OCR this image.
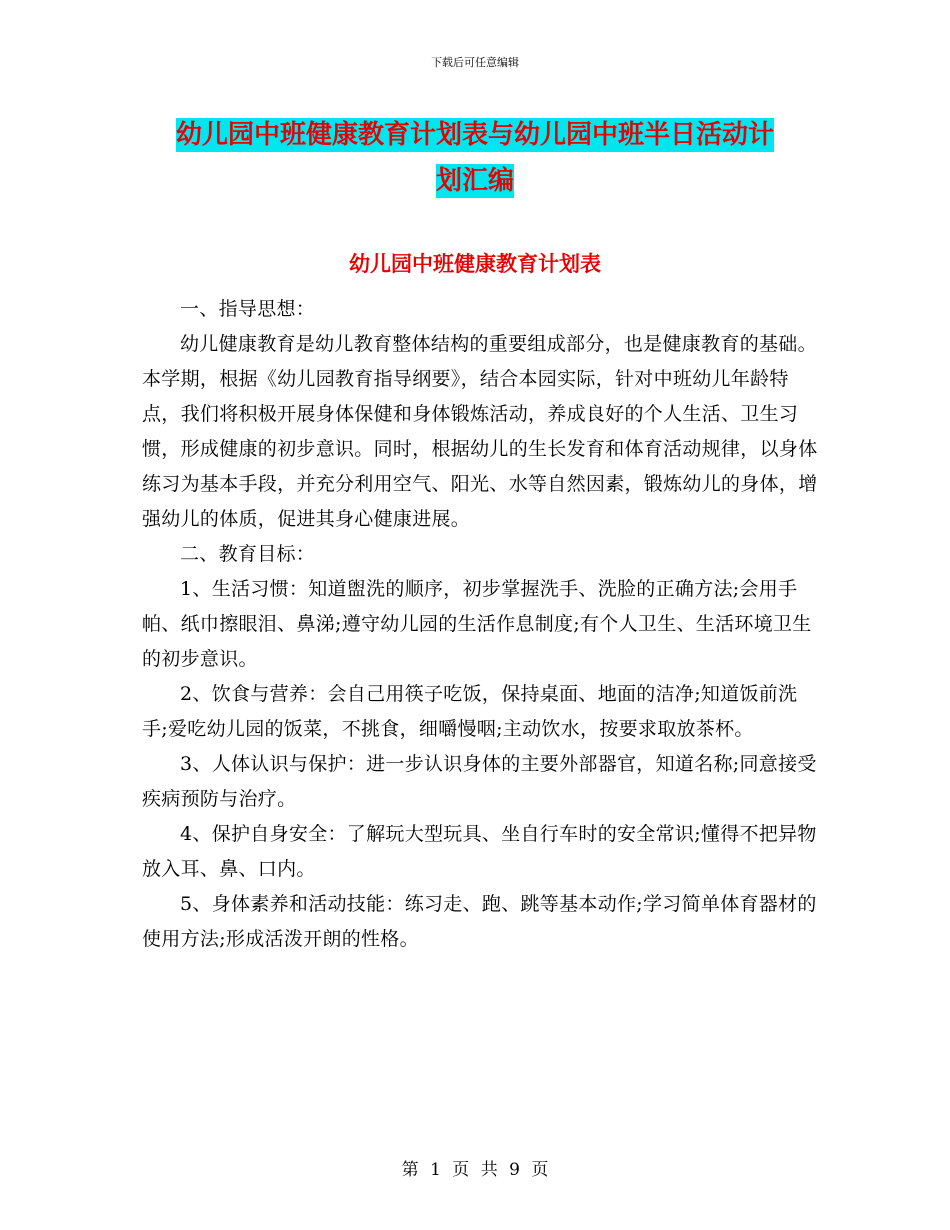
下载后可任意编辑
幼儿园中班健康教育计划表与幼儿园中班半日活动计
划汇编
幼儿园中班健康教育计划表

一、指导思想：

幼儿健康教育是幼儿教育整体结构的重要组成部分，也是健康教育的基础。本学期，根据《幼儿园教育指导纲要》，结合本园实际，针对中班幼儿年龄特点，我们将积极开展身体保健和身体锻炼活动，养成良好的个人生活、卫生习惯，形成健康的初步意识。同时，根据幼儿的生长发育和体育活动规律，以身体练习为基本手段，并充分利用空气、阳光、水等自然因素，锻炼幼儿的身体，增强幼儿的体质，促进其身心健康进展。

二、教育目标：

1、生活习惯：知道盥洗的顺序，初步掌握洗手、洗脸的正确方法;会用手帕、纸巾擦眼泪、鼻涕;遵守幼儿园的生活作息制度;有个人卫生、生活环境卫生的初步意识。

2、饮食与营养：会自己用筷子吃饭，保持桌面、地面的洁净;知道饭前洗手;爱吃幼儿园的饭菜，不挑食，细嚼慢咽;主动饮水，按要求取放茶杯。

3、人体认识与保护：进一步认识身体的主要外部器官，知道名称;同意接受疾病预防与治疗。

4、保护自身安全：了解玩大型玩具、坐自行车时的安全常识;懂得不把异物放入耳、鼻、口内。

5、身体素养和活动技能：练习走、跑、跳等基本动作;学习简单体育器材的使用方法;形成活泼开朗的性格。

第 1 页 共 9 页
